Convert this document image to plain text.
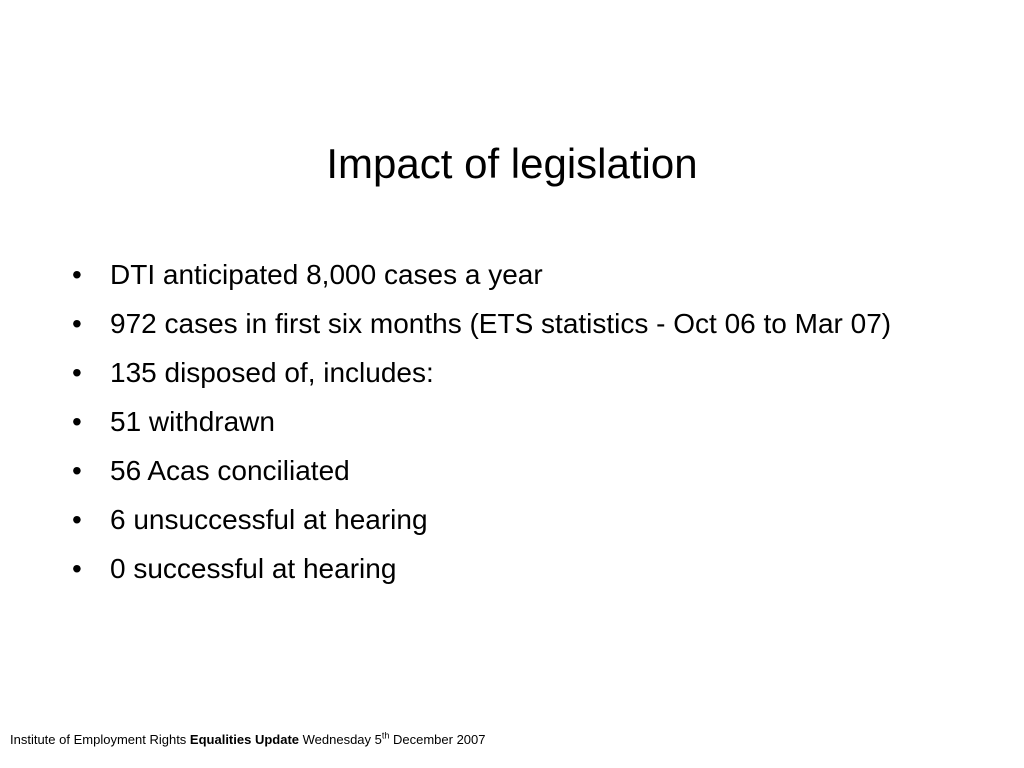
Impact of legislation
•	DTI anticipated 8,000 cases a year
•	972 cases in first six months (ETS statistics - Oct 06 to Mar 07)
•	135 disposed of, includes:
•	51 withdrawn
•	56 Acas conciliated
•	6 unsuccessful at hearing
•	0 successful at hearing
Institute of Employment Rights Equalities Update Wednesday 5th December 2007
